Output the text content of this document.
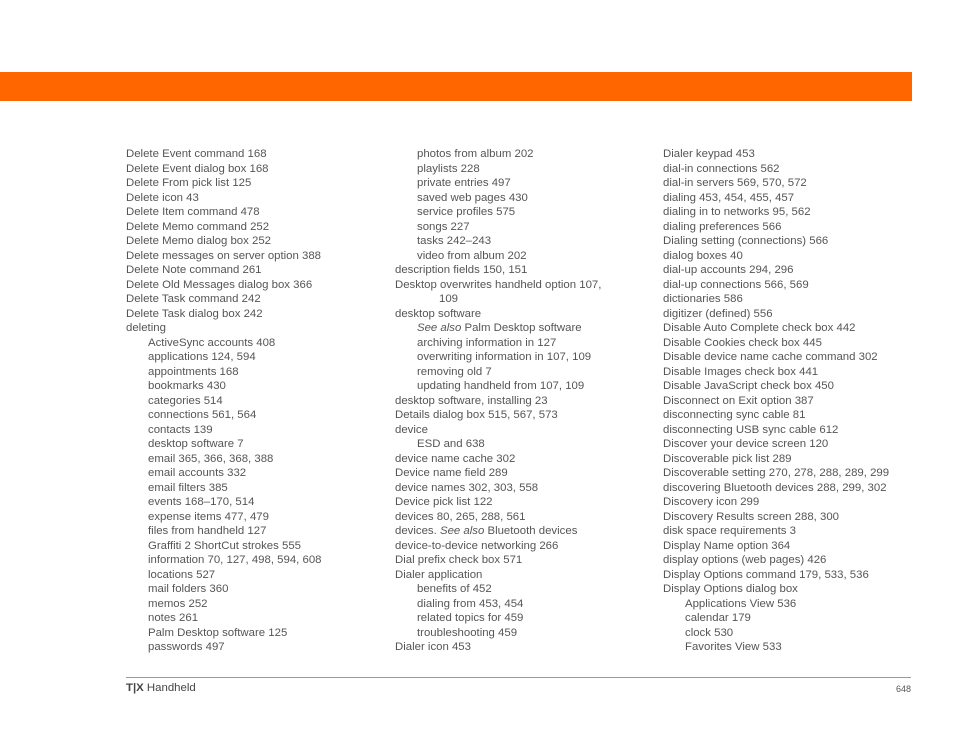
Delete Event command 168
Delete Event dialog box 168
Delete From pick list 125
Delete icon 43
Delete Item command 478
Delete Memo command 252
Delete Memo dialog box 252
Delete messages on server option 388
Delete Note command 261
Delete Old Messages dialog box 366
Delete Task command 242
Delete Task dialog box 242
deleting
ActiveSync accounts 408
applications 124, 594
appointments 168
bookmarks 430
categories 514
connections 561, 564
contacts 139
desktop software 7
email 365, 366, 368, 388
email accounts 332
email filters 385
events 168–170, 514
expense items 477, 479
files from handheld 127
Graffiti 2 ShortCut strokes 555
information 70, 127, 498, 594, 608
locations 527
mail folders 360
memos 252
notes 261
Palm Desktop software 125
passwords 497
photos from album 202
playlists 228
private entries 497
saved web pages 430
service profiles 575
songs 227
tasks 242–243
video from album 202
description fields 150, 151
Desktop overwrites handheld option 107,
109
desktop software
See also Palm Desktop software
archiving information in 127
overwriting information in 107, 109
removing old 7
updating handheld from 107, 109
desktop software, installing 23
Details dialog box 515, 567, 573
device
ESD and 638
device name cache 302
Device name field 289
device names 302, 303, 558
Device pick list 122
devices 80, 265, 288, 561
devices. See also Bluetooth devices
device-to-device networking 266
Dial prefix check box 571
Dialer application
benefits of 452
dialing from 453, 454
related topics for 459
troubleshooting 459
Dialer icon 453
Dialer keypad 453
dial-in connections 562
dial-in servers 569, 570, 572
dialing 453, 454, 455, 457
dialing in to networks 95, 562
dialing preferences 566
Dialing setting (connections) 566
dialog boxes 40
dial-up accounts 294, 296
dial-up connections 566, 569
dictionaries 586
digitizer (defined) 556
Disable Auto Complete check box 442
Disable Cookies check box 445
Disable device name cache command 302
Disable Images check box 441
Disable JavaScript check box 450
Disconnect on Exit option 387
disconnecting sync cable 81
disconnecting USB sync cable 612
Discover your device screen 120
Discoverable pick list 289
Discoverable setting 270, 278, 288, 289, 299
discovering Bluetooth devices 288, 299, 302
Discovery icon 299
Discovery Results screen 288, 300
disk space requirements 3
Display Name option 364
display options (web pages) 426
Display Options command 179, 533, 536
Display Options dialog box
Applications View 536
calendar 179
clock 530
Favorites View 533
T|X Handheld	648
